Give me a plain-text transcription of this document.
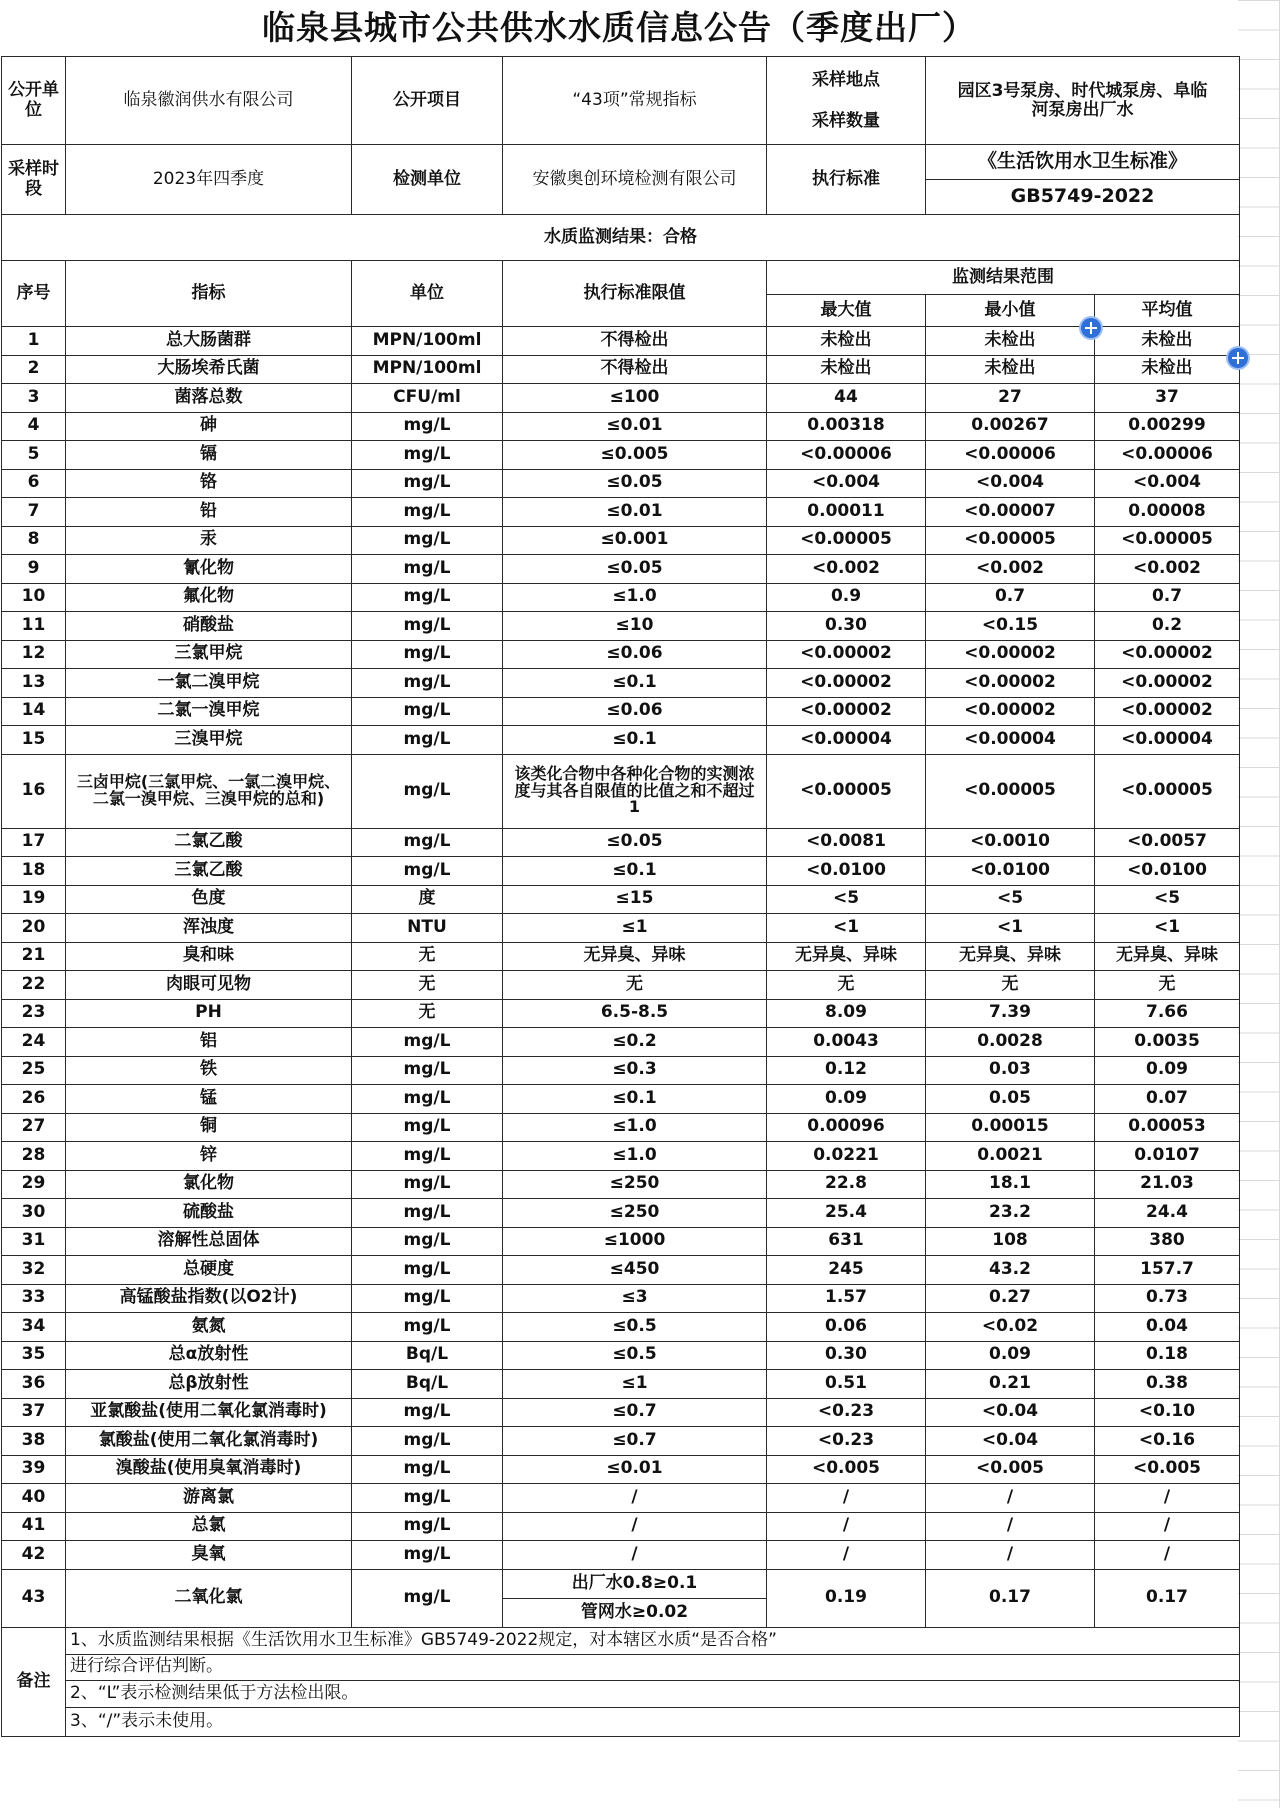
临泉县城市公共供水水质信息公告（季度出厂）
公开单位	临泉徽润供水有限公司	公开项目	“43项”常规指标	采样地点
采样数量	园区3号泵房、时代城泵房、阜临河泵房出厂水	
采样时段	2023年四季度	检测单位	安徽奥创环境检测有限公司	执行标准	《生活饮用水卫生标准》	
					GB5749-2022	
水质监测结果：合格						
序号	指标	单位	执行标准限值	监测结果范围		
				最大值	最小值	平均值
1	总大肠菌群	MPN/100ml	不得检出	未检出	未检出	未检出
2	大肠埃希氏菌	MPN/100ml	不得检出	未检出	未检出	未检出
3	菌落总数	CFU/ml	≤100	44	27	37
4	砷	mg/L	≤0.01	0.00318	0.00267	0.00299
5	镉	mg/L	≤0.005	<0.00006	<0.00006	<0.00006
6	铬	mg/L	≤0.05	<0.004	<0.004	<0.004
7	铅	mg/L	≤0.01	0.00011	<0.00007	0.00008
8	汞	mg/L	≤0.001	<0.00005	<0.00005	<0.00005
9	氰化物	mg/L	≤0.05	<0.002	<0.002	<0.002
10	氟化物	mg/L	≤1.0	0.9	0.7	0.7
11	硝酸盐	mg/L	≤10	0.30	<0.15	0.2
12	三氯甲烷	mg/L	≤0.06	<0.00002	<0.00002	<0.00002
13	一氯二溴甲烷	mg/L	≤0.1	<0.00002	<0.00002	<0.00002
14	二氯一溴甲烷	mg/L	≤0.06	<0.00002	<0.00002	<0.00002
15	三溴甲烷	mg/L	≤0.1	<0.00004	<0.00004	<0.00004
16	三卤甲烷(三氯甲烷、一氯二溴甲烷、二氯一溴甲烷、三溴甲烷的总和)	mg/L	该类化合物中各种化合物的实测浓度与其各自限值的比值之和不超过1	<0.00005	<0.00005	<0.00005
17	二氯乙酸	mg/L	≤0.05	<0.0081	<0.0010	<0.0057
18	三氯乙酸	mg/L	≤0.1	<0.0100	<0.0100	<0.0100
19	色度	度	≤15	<5	<5	<5
20	浑浊度	NTU	≤1	<1	<1	<1
21	臭和味	无	无异臭、异味	无异臭、异味	无异臭、异味	无异臭、异味
22	肉眼可见物	无	无	无	无	无
23	PH	无	6.5-8.5	8.09	7.39	7.66
24	铝	mg/L	≤0.2	0.0043	0.0028	0.0035
25	铁	mg/L	≤0.3	0.12	0.03	0.09
26	锰	mg/L	≤0.1	0.09	0.05	0.07
27	铜	mg/L	≤1.0	0.00096	0.00015	0.00053
28	锌	mg/L	≤1.0	0.0221	0.0021	0.0107
29	氯化物	mg/L	≤250	22.8	18.1	21.03
30	硫酸盐	mg/L	≤250	25.4	23.2	24.4
31	溶解性总固体	mg/L	≤1000	631	108	380
32	总硬度	mg/L	≤450	245	43.2	157.7
33	高锰酸盐指数(以O2计)	mg/L	≤3	1.57	0.27	0.73
34	氨氮	mg/L	≤0.5	0.06	<0.02	0.04
35	总α放射性	Bq/L	≤0.5	0.30	0.09	0.18
36	总β放射性	Bq/L	≤1	0.51	0.21	0.38
37	亚氯酸盐(使用二氧化氯消毒时)	mg/L	≤0.7	<0.23	<0.04	<0.10
38	氯酸盐(使用二氧化氯消毒时)	mg/L	≤0.7	<0.23	<0.04	<0.16
39	溴酸盐(使用臭氧消毒时)	mg/L	≤0.01	<0.005	<0.005	<0.005
40	游离氯	mg/L	/	/	/	/
41	总氯	mg/L	/	/	/	/
42	臭氧	mg/L	/	/	/	/
43	二氧化氯	mg/L	出厂水0.8≥0.1	0.19	0.17	0.17
			管网水≥0.02			
备注	1、水质监测结果根据《生活饮用水卫生标准》GB5749-2022规定，对本辖区水质“是否合格”					
	进行综合评估判断。					
	2、“L”表示检测结果低于方法检出限。					
	3、“/”表示未使用。					
